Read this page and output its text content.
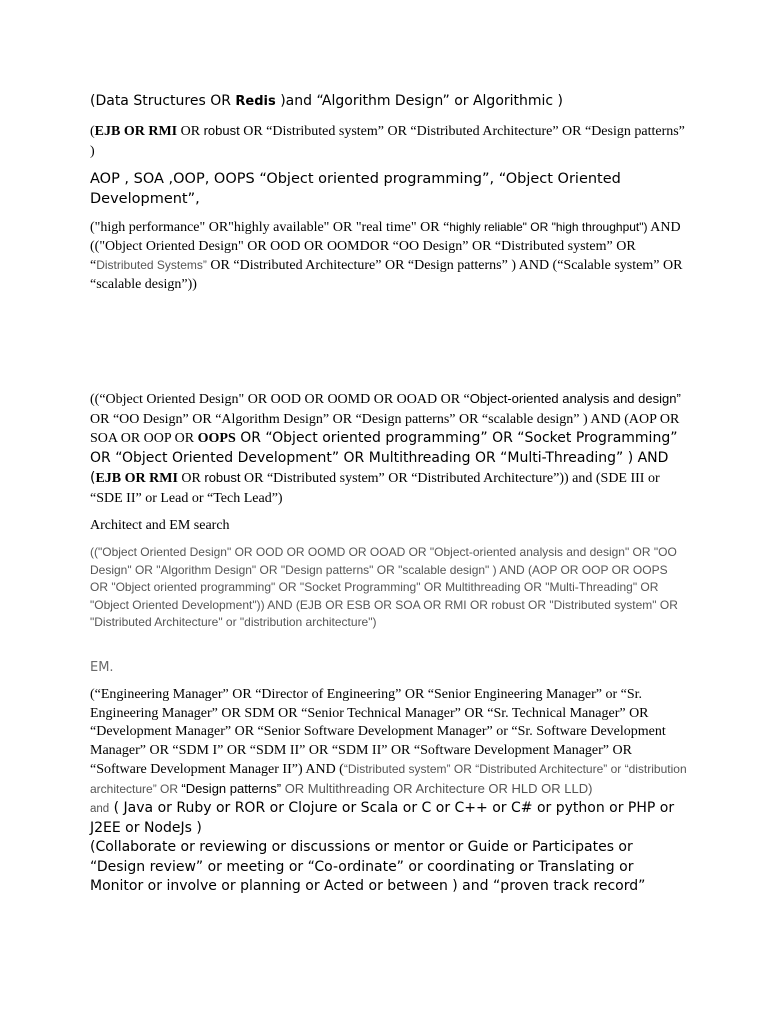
(Data Structures OR Redis )and “Algorithm Design” or Algorithmic )
(EJB OR RMI OR robust OR “Distributed system” OR “Distributed Architecture” OR “Design patterns” )
AOP , SOA ,OOP, OOPS “Object oriented programming”, “Object Oriented Development”,
("high performance" OR"highly available" OR "real time" OR “highly reliable" OR "high throughput") AND (("Object Oriented Design" OR OOD OR OOMDOR “OO Design” OR “Distributed system” OR “Distributed Systems” OR “Distributed Architecture” OR “Design patterns” ) AND (“Scalable system” OR “scalable design”))
((“Object Oriented Design" OR OOD OR OOMD OR OOAD OR “Object-oriented analysis and design” OR “OO Design” OR “Algorithm Design” OR “Design patterns” OR “scalable design” ) AND (AOP OR SOA OR OOP OR OOPS OR “Object oriented programming” OR “Socket Programming” OR “Object Oriented Development” OR Multithreading OR “Multi-Threading” ) AND (EJB OR RMI OR robust OR “Distributed system” OR “Distributed Architecture”)) and (SDE III or “SDE II” or Lead or “Tech Lead”)
Architect and EM search
(("Object Oriented Design" OR OOD OR OOMD OR OOAD OR "Object-oriented analysis and design" OR "OO Design" OR "Algorithm Design" OR "Design patterns" OR "scalable design" ) AND (AOP OR OOP OR OOPS OR "Object oriented programming" OR "Socket Programming" OR Multithreading OR "Multi-Threading" OR "Object Oriented Development")) AND (EJB OR ESB OR SOA OR RMI OR robust OR "Distributed system" OR "Distributed Architecture" or "distribution architecture")
EM.
(“Engineering Manager” OR “Director of Engineering” OR “Senior Engineering Manager” or “Sr. Engineering Manager” OR SDM OR “Senior Technical Manager” OR “Sr. Technical Manager” OR “Development Manager” OR “Senior Software Development Manager” or “Sr. Software Development Manager” OR “SDM I” OR “SDM II” OR “SDM II” OR “Software Development Manager” OR “Software Development Manager II”) AND (“Distributed system” OR “Distributed Architecture” or “distribution architecture” OR “Design patterns” OR Multithreading OR Architecture OR HLD OR LLD)
and ( Java or Ruby or ROR or Clojure or Scala or C or C++ or C# or python or PHP or J2EE or NodeJs )
(Collaborate or reviewing or discussions or mentor or Guide or Participates or “Design review” or meeting or “Co-ordinate” or coordinating or Translating or Monitor or involve or planning or Acted or between ) and “proven track record”
